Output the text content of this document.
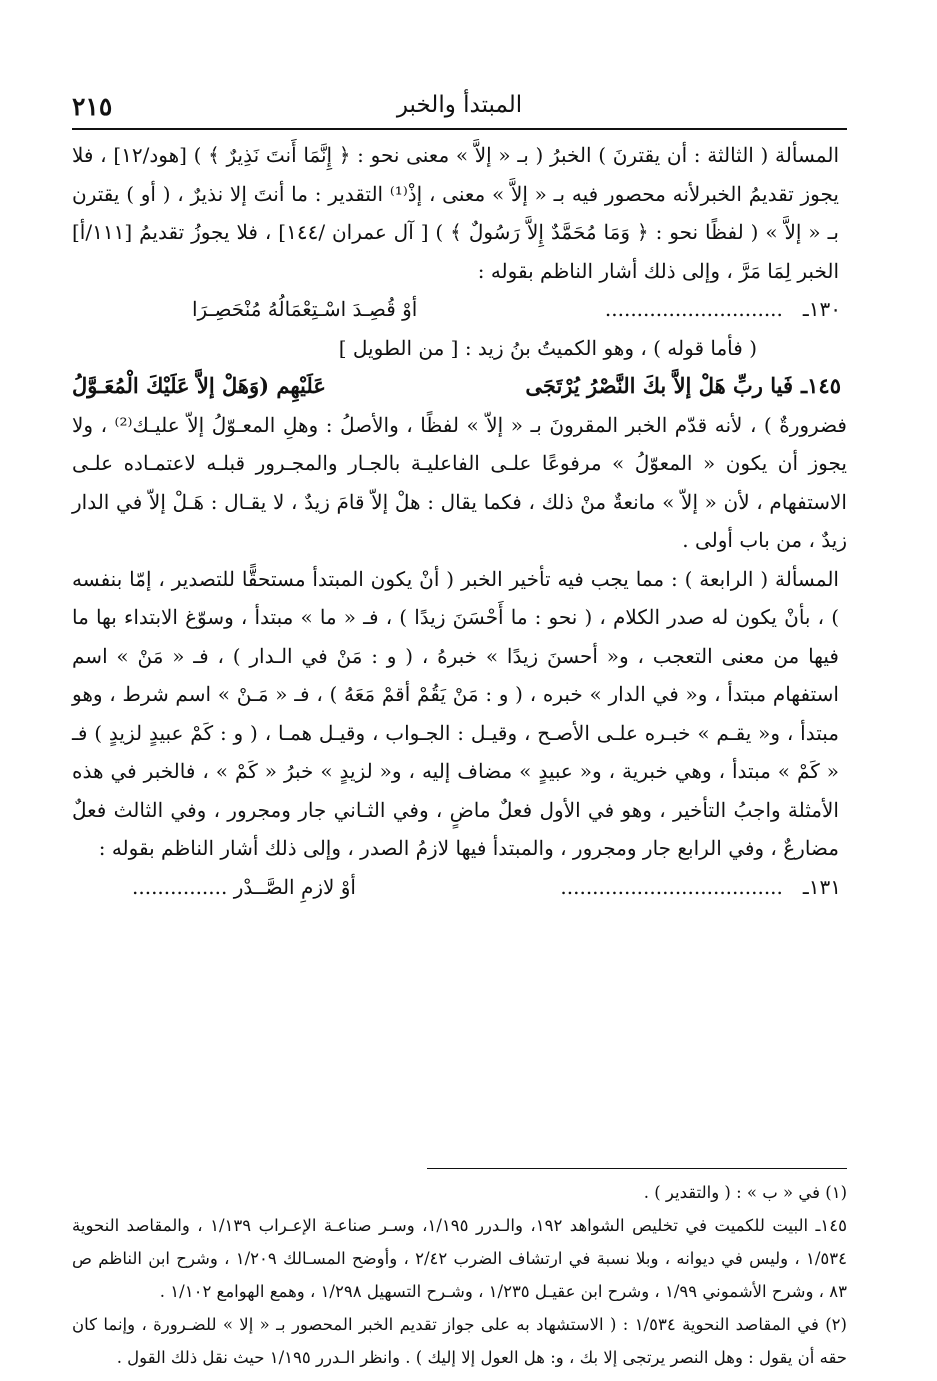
٢١٥	المبتدأ والخبر

المسألة ( الثالثة : أن يقترنَ ) الخبرُ ( بـ « إلاَّ » معنى نحو : ﴿ إِنَّمَا أَنتَ نَذِيرٌ ﴾ ) [هود/١٢] ، فلا يجوز تقديمُ الخبرلأنه محصور فيه بـ « إلاَّ » معنى ، إذْ⁽¹⁾ التقدير : ما أنتَ إلا نذيرٌ ، ( أو ) يقترن بـ « إلاَّ » ( لفظًا نحو : ﴿ وَمَا مُحَمَّدٌ إِلاَّ رَسُولٌ ﴾ ) [ آل عمران /١٤٤] ، فلا يجوزُ تقديمُ [١١١/أ] الخبر لِمَا مَرَّ ، وإلى ذلك أشار الناظم بقوله :

١٣٠ـ
............................
أوْ قُصِـدَ اسْـتِعْمَالُهُ مُنْحَصِـرَا

( فأما قوله ) ، وهو الكميتُ بنُ زيد : [ من الطويل ]

١٤٥ـ
فَيا ربِّ هَلْ إلاَّ بكَ النَّصْرُ يُرْتَجَى
عَلَيْهِم (وَهَلْ إلاَّ عَلَيْكَ الْمُعَـوَّلُ

فضرورةٌ ) ، لأنه قدّم الخبر المقرونَ بـ « إلاّ » لفظًا ، والأصلُ : وهلِ المعـوّلُ إلاّ عليـك⁽²⁾ ، ولا يجوز أن يكون « المعوّلُ » مرفوعًا علـى الفاعليـة بالجـار والمجـرور قبلـه لاعتمـاده علـى الاستفهام ، لأن « إلاّ » مانعةٌ منْ ذلك ، فكما يقال : هلْ إلاّ قامَ زيدٌ ، لا يقـال : هَـلْ إلاّ في الدار زيدٌ ، من باب أولى .

المسألة ( الرابعة ) : مما يجب فيه تأخير الخبر ( أنْ يكون المبتدأ مستحقًّا للتصدير ، إمّا بنفسه ) ، بأنْ يكون له صدر الكلام ، ( نحو : ما أَحْسَنَ زيدًا ) ، فـ « ما » مبتدأ ، وسوّغ الابتداء بها ما فيها من معنى التعجب ، و« أحسنَ زيدًا » خبرهُ ، ( و : مَنْ في الـدار ) ، فـ « مَنْ » اسم استفهام مبتدأ ، و« في الدار » خبره ، ( و : مَنْ يَقُمْ أقمْ مَعَهُ ) ، فـ « مَـنْ » اسم شرط ، وهو مبتدأ ، و« يقـم » خبـره علـى الأصـح ، وقيـل : الجـواب ، وقيـل همـا ، ( و : كَمْ عبيدٍ لزيدٍ ) فـ « كَمْ » مبتدأ ، وهي خبرية ، و« عبيدٍ » مضاف إليه ، و« لزيدٍ » خبرُ « كَمْ » ، فالخبر في هذه الأمثلة واجبُ التأخير ، وهو في الأول فعلٌ ماضٍ ، وفي الثـاني جار ومجرور ، وفي الثالث فعلٌ مضارعٌ ، وفي الرابع جار ومجرور ، والمبتدأ فيها لازمُ الصدر ، وإلى ذلك أشار الناظم بقوله :

١٣١ـ
...................................
أوْ لازمِ الصَّــدْر ...............

(١) في « ب » : ( والتقدير ) .

١٤٥ـ البيت للكميت في تخليص الشواهد ١٩٢، والـدرر ١/١٩٥، وسـر صناعـة الإعـراب ١/١٣٩ ، والمقاصد النحوية ١/٥٣٤ ، وليس في ديوانه ، وبلا نسبة في ارتشاف الضرب ٢/٤٢ ، وأوضح المسـالك ١/٢٠٩ ، وشرح ابن الناظم ص ٨٣ ، وشرح الأشموني ١/٩٩ ، وشرح ابن عقيـل ١/٢٣٥ ، وشـرح التسهيل ١/٢٩٨ ، وهمع الهوامع ١/١٠٢ .

(٢) في المقاصد النحوية ١/٥٣٤ : ( الاستشهاد به على جواز تقديم الخبر المحصور بـ « إلا » للضـرورة ، وإنما كان حقه أن يقول : وهل النصر يرتجى إلا بك ، و: هل العول إلا إليك ) . وانظر الـدرر ١/١٩٥ حيث نقل ذلك القول .
